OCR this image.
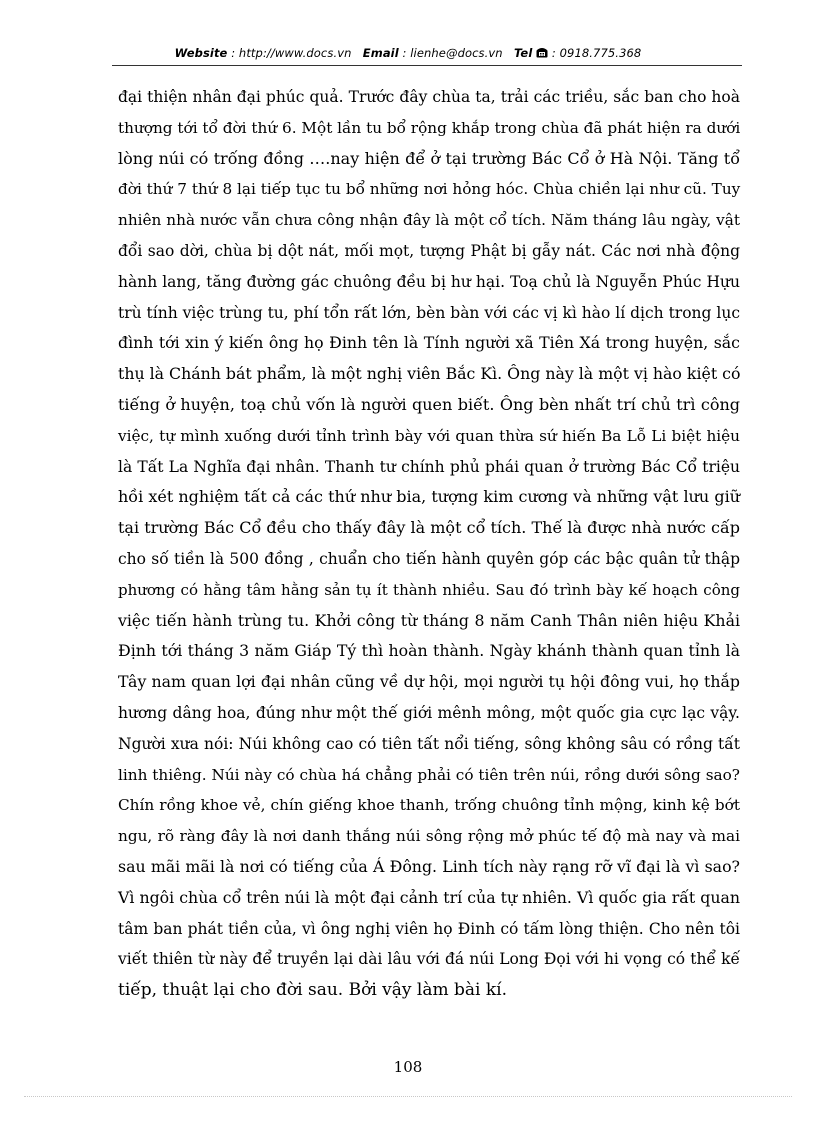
Website : http://www.docs.vn Email : lienhe@docs.vn Tel : 0918.775.368
đại thiện nhân đại phúc quả. Trước đây chùa ta, trải các triều, sắc ban cho hoà
thượng tới tổ đời thứ 6. Một lần tu bổ rộng khắp trong chùa đã phát hiện ra dưới
lòng núi có trống đồng ….nay hiện để ở tại trường Bác Cổ ở Hà Nội. Tăng tổ
đời thứ 7 thứ 8 lại tiếp tục tu bổ những nơi hỏng hóc. Chùa chiền lại như cũ. Tuy
nhiên nhà nước vẫn chưa công nhận đây là một cổ tích. Năm tháng lâu ngày, vật
đổi sao dời, chùa bị dột nát, mối mọt, tượng Phật bị gẫy nát. Các nơi nhà động
hành lang, tăng đường gác chuông đều bị hư hại. Toạ chủ là Nguyễn Phúc Hựu
trù tính việc trùng tu, phí tổn rất lớn, bèn bàn với các vị kì hào lí dịch trong lục
đình tới xin ý kiến ông họ Đinh tên là Tính người xã Tiên Xá trong huyện, sắc
thụ là Chánh bát phẩm, là một nghị viên Bắc Kì. Ông này là một vị hào kiệt có
tiếng ở huyện, toạ chủ vốn là người quen biết. Ông bèn nhất trí chủ trì công
việc, tự mình xuống dưới tỉnh trình bày với quan thừa sứ hiến Ba Lỗ Li biệt hiệu
là Tất La Nghĩa đại nhân. Thanh tư chính phủ phái quan ở trường Bác Cổ triệu
hồi xét nghiệm tất cả các thứ như bia, tượng kim cương và những vật lưu giữ
tại trường Bác Cổ đều cho thấy đây là một cổ tích. Thế là được nhà nước cấp
cho số tiền là 500 đồng , chuẩn cho tiến hành quyên góp các bậc quân tử thập
phương có hằng tâm hằng sản tụ ít thành nhiều. Sau đó trình bày kế hoạch công
việc tiến hành trùng tu. Khởi công từ tháng 8 năm Canh Thân niên hiệu Khải
Định tới tháng 3 năm Giáp Tý thì hoàn thành. Ngày khánh thành quan tỉnh là
Tây nam quan lợi đại nhân cũng về dự hội, mọi người tụ hội đông vui, họ thắp
hương dâng hoa, đúng như một thế giới mênh mông, một quốc gia cực lạc vậy.
Người xưa nói: Núi không cao có tiên tất nổi tiếng, sông không sâu có rồng tất
linh thiêng. Núi này có chùa há chẳng phải có tiên trên núi, rồng dưới sông sao?
Chín rồng khoe vẻ, chín giếng khoe thanh, trống chuông tỉnh mộng, kinh kệ bớt
ngu, rõ ràng đây là nơi danh thắng núi sông rộng mở phúc tế độ mà nay và mai
sau mãi mãi là nơi có tiếng của Á Đông. Linh tích này rạng rỡ vĩ đại là vì sao?
Vì ngôi chùa cổ trên núi là một đại cảnh trí của tự nhiên. Vì quốc gia rất quan
tâm ban phát tiền của, vì ông nghị viên họ Đinh có tấm lòng thiện. Cho nên tôi
viết thiên từ này để truyền lại dài lâu với đá núi Long Đọi với hi vọng có thể kế
tiếp, thuật lại cho đời sau. Bởi vậy làm bài kí.
108
